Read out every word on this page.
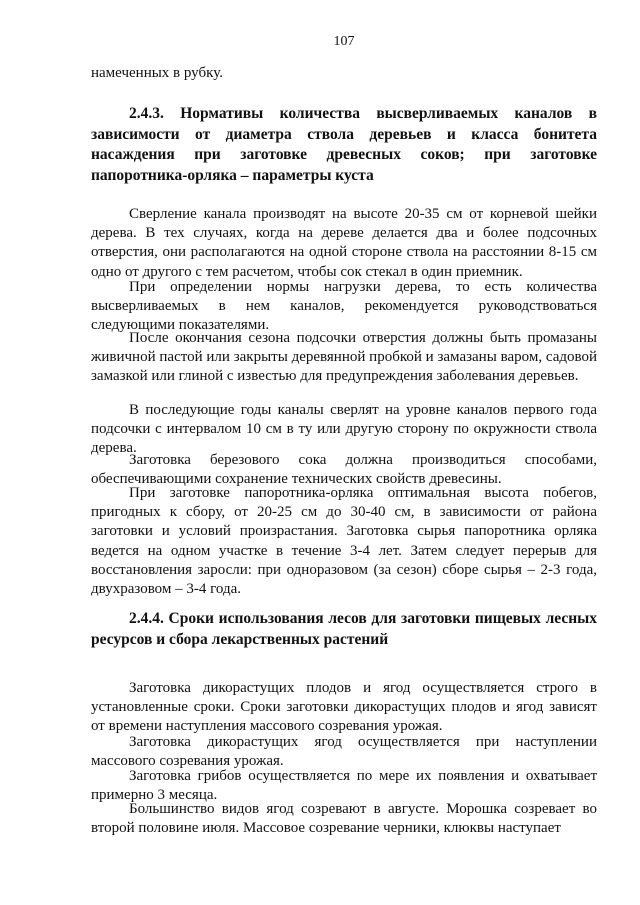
107

намеченных в рубку.

2.4.3. Нормативы количества высверливаемых каналов в зависимости от диаметра ствола деревьев и класса бонитета насаждения при заготовке древесных соков; при заготовке папоротника-орляка – параметры куста

Сверление канала производят на высоте 20-35 см от корневой шейки дерева. В тех случаях, когда на дереве делается два и более подсочных отверстия, они располагаются на одной стороне ствола на расстоянии 8-15 см одно от другого с тем расчетом, чтобы сок стекал в один приемник.

При определении нормы нагрузки дерева, то есть количества высверливаемых в нем каналов, рекомендуется руководствоваться следующими показателями.

После окончания сезона подсочки отверстия должны быть промазаны живичной пастой или закрыты деревянной пробкой и замазаны варом, садовой замазкой или глиной с известью для предупреждения заболевания деревьев.

В последующие годы каналы сверлят на уровне каналов первого года подсочки с интервалом 10 см в ту или другую сторону по окружности ствола дерева.

Заготовка березового сока должна производиться способами, обеспечивающими сохранение технических свойств древесины.

При заготовке папоротника-орляка оптимальная высота побегов, пригодных к сбору, от 20-25 см до 30-40 см, в зависимости от района заготовки и условий произрастания. Заготовка сырья папоротника орляка ведется на одном участке в течение 3-4 лет. Затем следует перерыв для восстановления заросли: при одноразовом (за сезон) сборе сырья – 2-3 года, двухразовом – 3-4 года.

2.4.4. Сроки использования лесов для заготовки пищевых лесных ресурсов и сбора лекарственных растений

Заготовка дикорастущих плодов и ягод осуществляется строго в установленные сроки. Сроки заготовки дикорастущих плодов и ягод зависят от времени наступления массового созревания урожая.

Заготовка дикорастущих ягод осуществляется при наступлении массового созревания урожая.

Заготовка грибов осуществляется по мере их появления и охватывает примерно 3 месяца.

Большинство видов ягод созревают в августе. Морошка созревает во второй половине июля. Массовое созревание черники, клюквы наступает
